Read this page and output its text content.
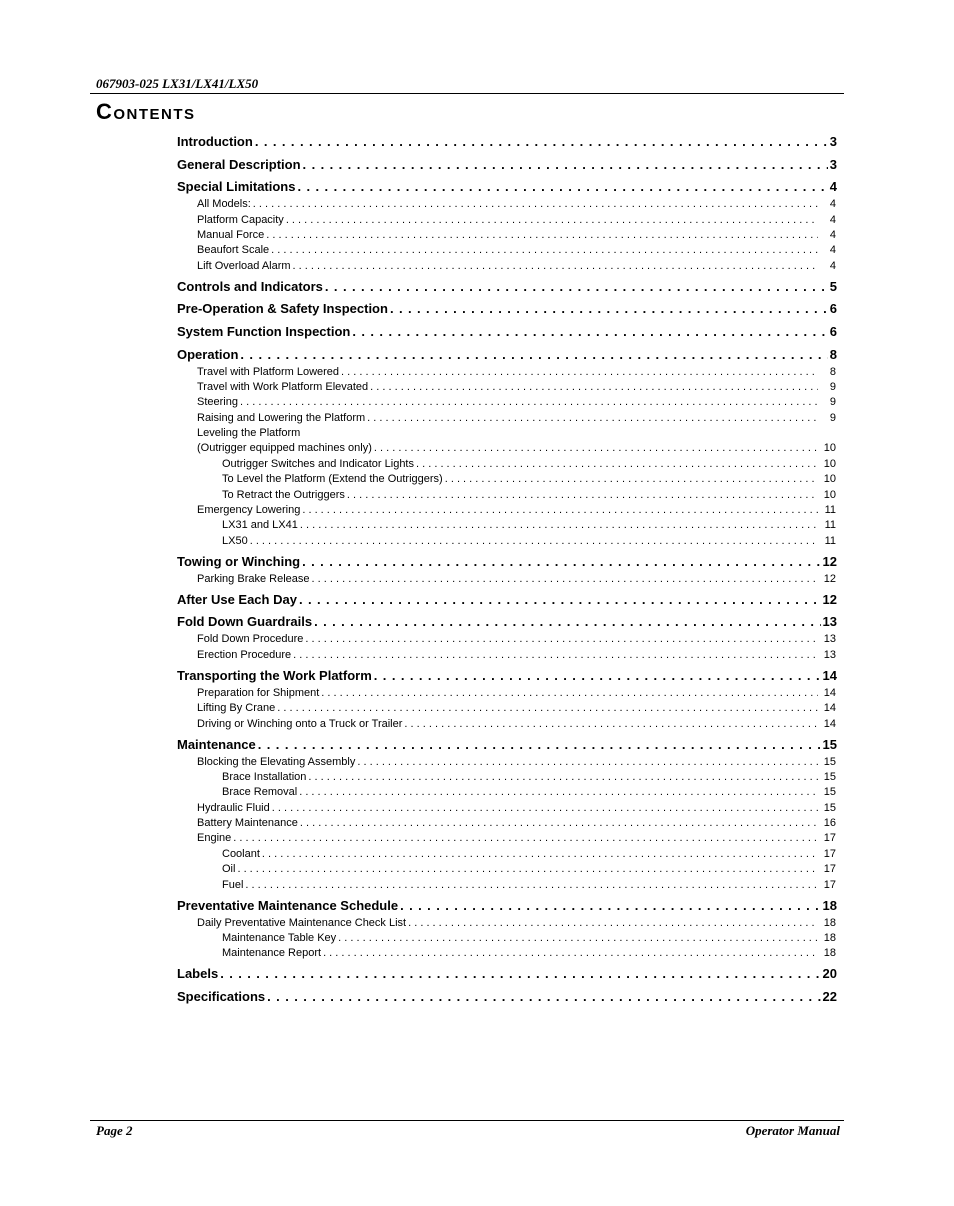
067903-025 LX31/LX41/LX50
Contents
Introduction . . .	3
General Description . . .	3
Special Limitations . . .	4
All Models: . . .	4
Platform Capacity . . .	4
Manual Force . . .	4
Beaufort Scale . . .	4
Lift Overload Alarm . . .	4
Controls and Indicators . . .	5
Pre-Operation & Safety Inspection . . .	6
System Function Inspection . . .	6
Operation . . .	8
Travel with Platform Lowered . . .	8
Travel with Work Platform Elevated . . .	9
Steering . . .	9
Raising and Lowering the Platform . . .	9
Leveling the Platform
(Outrigger equipped machines only) . . .	10
Outrigger Switches and Indicator Lights . . .	10
To Level the Platform (Extend the Outriggers) . . .	10
To Retract the Outriggers . . .	10
Emergency Lowering . . .	11
LX31 and LX41 . . .	11
LX50 . . .	11
Towing or Winching . . .	12
Parking Brake Release . . .	12
After Use Each Day . . .	12
Fold Down Guardrails . . .	13
Fold Down Procedure . . .	13
Erection Procedure . . .	13
Transporting the Work Platform . . .	14
Preparation for Shipment . . .	14
Lifting By Crane . . .	14
Driving or Winching onto a Truck or Trailer . . .	14
Maintenance . . .	15
Blocking the Elevating Assembly . . .	15
Brace Installation . . .	15
Brace Removal . . .	15
Hydraulic Fluid . . .	15
Battery Maintenance . . .	16
Engine . . .	17
Coolant . . .	17
Oil . . .	17
Fuel . . .	17
Preventative Maintenance Schedule . . .	18
Daily Preventative Maintenance Check List . . .	18
Maintenance Table Key . . .	18
Maintenance Report . . .	18
Labels . . .	20
Specifications . . .	22
Page 2	Operator Manual
